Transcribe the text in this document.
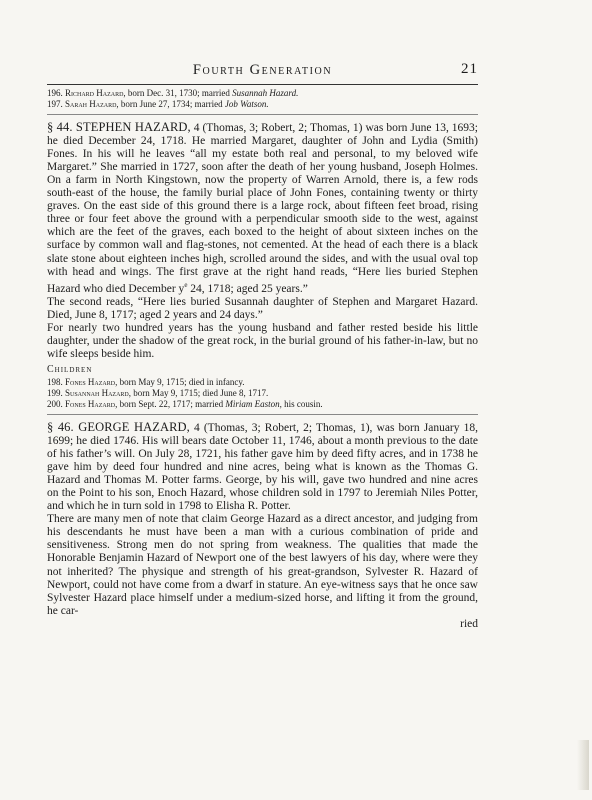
Fourth Generation	21
196. Richard Hazard, born Dec. 31, 1730; married Susannah Hazard.
197. Sarah Hazard, born June 27, 1734; married Job Watson.

§ 44. STEPHEN HAZARD, 4 (Thomas, 3; Robert, 2; Thomas, 1) was born June 13, 1693; he died December 24, 1718. He married Margaret, daughter of John and Lydia (Smith) Fones. In his will he leaves “all my estate both real and personal, to my beloved wife Margaret.” She married in 1727, soon after the death of her young husband, Joseph Holmes. On a farm in North Kingstown, now the property of Warren Arnold, there is, a few rods south-east of the house, the family burial place of John Fones, containing twenty or thirty graves. On the east side of this ground there is a large rock, about fifteen feet broad, rising three or four feet above the ground with a perpendicular smooth side to the west, against which are the feet of the graves, each boxed to the height of about sixteen inches on the surface by common wall and flag-stones, not cemented. At the head of each there is a black slate stone about eighteen inches high, scrolled around the sides, and with the usual oval top with head and wings. The first grave at the right hand reads, “Here lies buried Stephen Hazard who died December $y^e$ 24, 1718; aged 25 years.”

The second reads, “Here lies buried Susannah daughter of Stephen and Margaret Hazard. Died, June 8, 1717; aged 2 years and 24 days.”

For nearly two hundred years has the young husband and father rested beside his little daughter, under the shadow of the great rock, in the burial ground of his father-in-law, but no wife sleeps beside him.

Children
198. Fones Hazard, born May 9, 1715; died in infancy.
199. Susannah Hazard, born May 9, 1715; died June 8, 1717.
200. Fones Hazard, born Sept. 22, 1717; married Miriam Easton, his cousin.

§ 46. GEORGE HAZARD, 4 (Thomas, 3; Robert, 2; Thomas, 1), was born January 18, 1699; he died 1746. His will bears date October 11, 1746, about a month previous to the date of his father’s will. On July 28, 1721, his father gave him by deed fifty acres, and in 1738 he gave him by deed four hundred and nine acres, being what is known as the Thomas G. Hazard and Thomas M. Potter farms. George, by his will, gave two hundred and nine acres on the Point to his son, Enoch Hazard, whose children sold in 1797 to Jeremiah Niles Potter, and which he in turn sold in 1798 to Elisha R. Potter.

There are many men of note that claim George Hazard as a direct ancestor, and judging from his descendants he must have been a man with a curious combination of pride and sensitiveness. Strong men do not spring from weakness. The qualities that made the Honorable Benjamin Hazard of Newport one of the best lawyers of his day, where were they not inherited? The physique and strength of his great-grandson, Sylvester R. Hazard of Newport, could not have come from a dwarf in stature. An eye-witness says that he once saw Sylvester Hazard place himself under a medium-sized horse, and lifting it from the ground, he car-

ried
